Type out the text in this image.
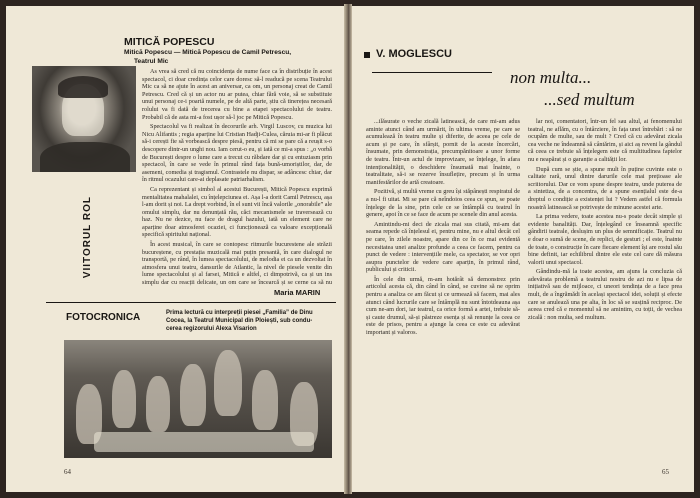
VIITORUL ROL
MITICĂ POPESCU
Mitică Popescu — Mitică Popescu de Camil Petrescu,
Teatrul Mic

As vrea să cred că nu coincidența de nume face ca în distribuție în acest spectacol, ci doar credința celor care doresc să-l readucă pe scena Teatrului Mic ca să ne ajute în acest an aniversar, ca om, un personaj creat de Camil Petrescu. Cred că și un actor nu ar putea, chiar fără voie, să se substituie unui personaj ce-i poartă numele, pe de altă parte, știu că tinerețea necesară rolului va fi dată de trecerea cu bine a etapei spectacolului de teatru. Probabil că de asta mi-a fost ușor să-l joc pe Mitică Popescu.

Spectacolul va fi realizat în decorurile arh. Virgil Luscov, cu muzica lui Nicu Alifantis ; regia aparține lui Cristian Hadji-Culea, căruia mi-ar fi plăcut să-i cerești fie să vorbească despre piesă, pentru că mi se pare că a reușit s-o descopere dintr-un unghi nou. Iam cerut-o eu, și iată ce mi-a spus : „o vorbă de București despre o lume care a trecut cu răbdare dar și cu entuziasm prin spectacol, în care se vede în primul rând fața bună-umoriștilor, dar, de asemeni, comedia și tragismul. Contrastele nu dispar, se adâncesc chiar, dar în ritmul ocazului care-ai deplasate patriarhalism.

Ca reprezentant și simbol al acestui București, Mitică Popescu exprimă mentalitatea mahalalei, cu înțelepciunea ei. Așa l-a dorit Camil Petrescu, așa l-am dorit și noi. La drept vorbind, în el sunt vii încă valorile „onorabile” ale omului simplu, dar nu denunțată rău, căci mecanismele se traversează cu haz. Nu ne dezice, nu face de dragul hazului, iată un element care ne aparține doar atmosferei ocaziei, ci funcționează ca valoare excepțională specifică spiritului național.

În acest musical, în care se contopesc ritmurile bucurestene ale străzii bucureștene, cu prestația muzicală mai puțin presantă, în care dialogul ne transportă, pe rând, în lumea spectacolului, de melodia ei ca un dezvoltat în atmosfera unui teatru, dansurile de Atlantic, la nivel de piesele venite din lume spectacolului și al farsei, Mitică e altfel, ci dimpotrivă, ca și un ins simplu dar cu reacții delicate, un om care se încearcă și se cerne ca să nu

Maria MARIN
FOTOCRONICA	Prima lectură cu interpreții piesei „Familia” de Dinu
Cocea, la Teatrul Municipal din Ploiești, sub condu-
cerea regizorului Alexa Visarion
64
V. MOGLESCU
non multa...
...sed multum

...ilăsurate o veche zicală latinească, de care mi-am adus aminte atunci când am urmărit, în ultima vreme, pe care se acumulează în teatru multe și diferite, de aceea pe cele de acum și pe care, în sfârșit, pornit de la aceste încercări, însumate, prin demonstrația, precumpănitoare a unor forme de teatru. Într-un actul de improvizare, se înțelege, în afara intenționalității, o deschidere însumată mai înainte, o teatralitate, să-i se rezerve însuflețire, precum și în urma manifestărilor de artă creatoare.

Pozitivă, și multă vreme cu greu își stăpânești respiratul de a nu-l fi uitat. Mi se pare că neîndoios ceea ce spun, se poate înțelege de la sine, prin cele ce se întâmplă cu teatrul în genere, apoi în ce se face de acum pe scenele din anul acesta.

Amintindu-mi deci de zicala mai sus citată, mi-am dat seama repede că înțelesul ei, pentru mine, nu e altul decât cel pe care, în zilele noastre, apare din ce în ce mai evidentă necesitatea unei analize profunde a ceea ce facem, pentru ca punct de vedere : intervențiile mele, ca spectator, se vor opri asupra punctelor de vedere care aparțin, în primul rând, publicului și criticii.

În cele din urmă, m-am hotărât să demonstrez prin articolul acesta că, din când în când, se cuvine să ne oprim pentru a analiza ce am făcut și ce urmează să facem, mai ales atunci când lucrurile care se întâmplă nu sunt întotdeauna așa cum ne-am dori, iar teatrul, ca orice formă a artei, trebuie să-și caute drumul, să-și păstreze esența și să renunțe la ceea ce este de prisos, pentru a ajunge la ceea ce este cu adevărat important și valoros.

lar noi, comentatori, într-un fel sau altul, ai fenomenului teatral, ne aflăm, cu o întârziere, în fața unei întrebări : să ne ocupăm de multe, sau de mult ? Cred că cu adevărat zicala cea veche ne îndeamnă să cântărim, și aici aș reveni la gândul că ceea ce trebuie să înțelegem este că multitudinea faptelor nu e neapărat și o garanție a calității lor.

După cum se știe, a spune mult în puține cuvinte este o calitate rară, unul dintre darurile cele mai prețioase ale scriitorului. Dar ce vom spune despre teatru, unde puterea de a sintetiza, de a concentra, de a spune esențialul este de-a dreptul o condiție a existenței lui ? Vedem astfel că formula noastră latinească se potrivește de minune acestei arte.

La prima vedere, toate acestea nu-s poate decât simple și evidente banalități. Dar, înțelegând ce înseamnă specific gândirii teatrale, deslușim un plus de semnificație. Teatrul nu e doar o sumă de scene, de replici, de gesturi ; el este, înainte de toate, o construcție în care fiecare element își are rostul său bine definit, iar echilibrul dintre ele este cel care dă măsura valorii unui spectacol.

Gândindu-mă la toate acestea, am ajuns la concluzia că adevărata problemă a teatrului nostru de azi nu e lipsa de inițiativă sau de mijloace, ci uneori tendința de a face prea mult, de a îngrămădi în același spectacol idei, soluții și efecte care se anulează una pe alta, în loc să se susțină reciproc. De aceea cred că e momentul să ne amintim, cu toții, de vechea zicală : non multa, sed multum.

65
